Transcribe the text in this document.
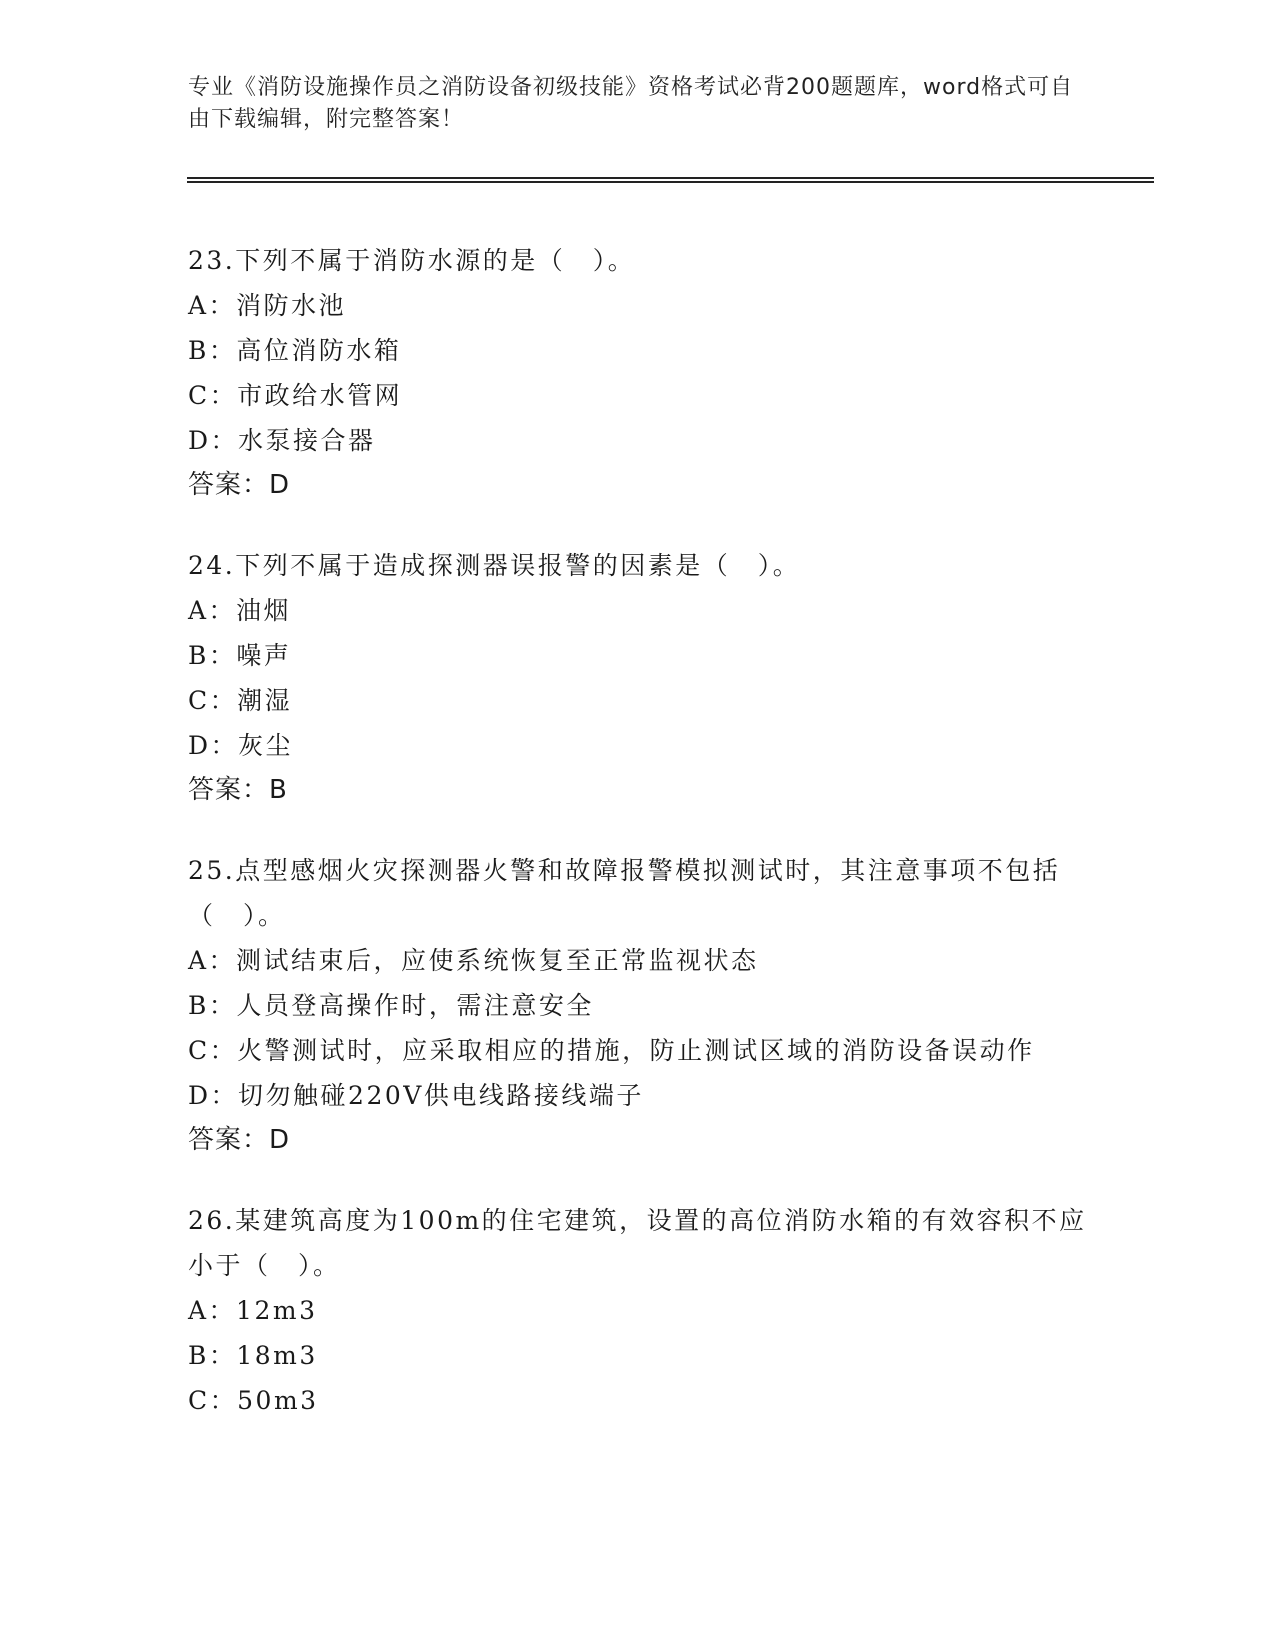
专业《消防设施操作员之消防设备初级技能》资格考试必背200题题库，word格式可自由下载编辑，附完整答案！
23.下列不属于消防水源的是（　）。
A：消防水池
B：高位消防水箱
C：市政给水管网
D：水泵接合器
答案：D
24.下列不属于造成探测器误报警的因素是（　）。
A：油烟
B：噪声
C：潮湿
D：灰尘
答案：B
25.点型感烟火灾探测器火警和故障报警模拟测试时，其注意事项不包括（　）。
A：测试结束后，应使系统恢复至正常监视状态
B：人员登高操作时，需注意安全
C：火警测试时，应采取相应的措施，防止测试区域的消防设备误动作
D：切勿触碰220V供电线路接线端子
答案：D
26.某建筑高度为100m的住宅建筑，设置的高位消防水箱的有效容积不应小于（　）。
A：12m3
B：18m3
C：50m3
